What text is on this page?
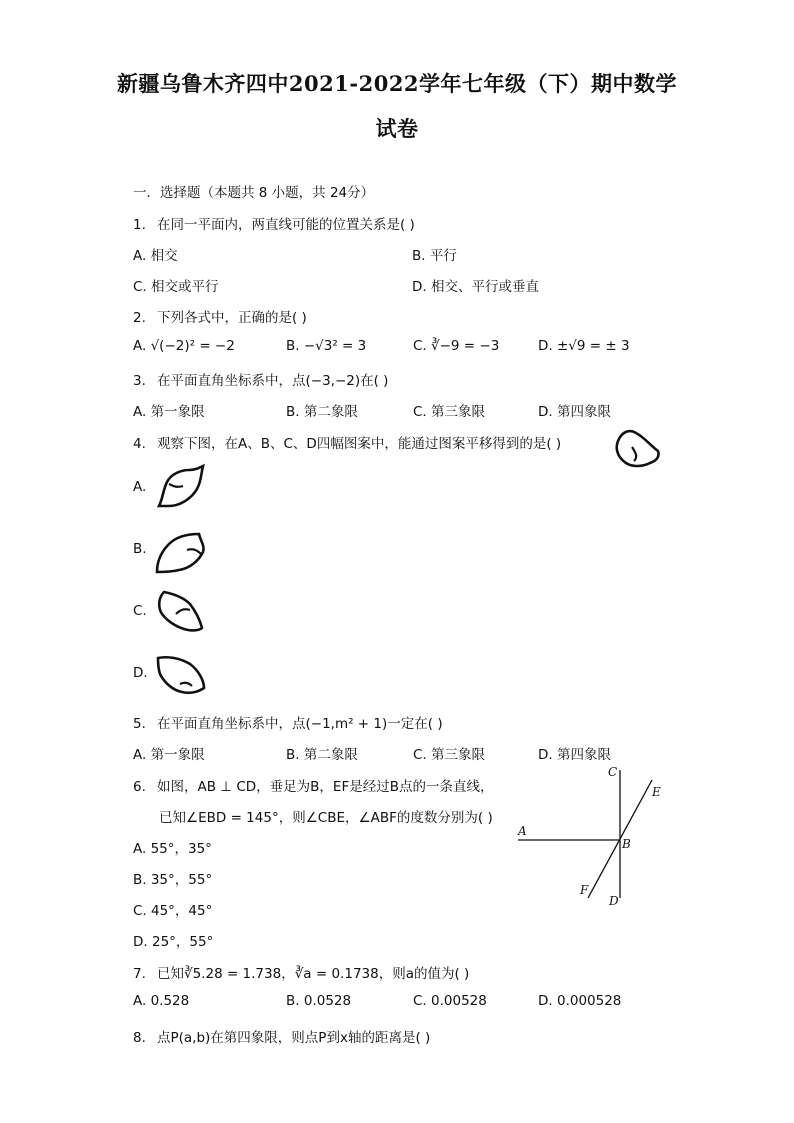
新疆乌鲁木齐四中2021-2022学年七年级（下）期中数学
试卷
一．选择题（本题共 8 小题，共 24分）
1. 在同一平面内，两直线可能的位置关系是( )
A. 相交	B. 平行
C. 相交或平行	D. 相交、平行或垂直
2. 下列各式中，正确的是( )
A. √(−2)² = −2	B. −√3² = 3	C. ∛−9 = −3	D. ±√9 = ± 3
3. 在平面直角坐标系中，点(−3,−2)在( )
A. 第一象限	B. 第二象限	C. 第三象限	D. 第四象限
4. 观察下图，在A、B、C、D四幅图案中，能通过图案平移得到的是( )
A.
B.
C.
D.
5. 在平面直角坐标系中，点(−1,m² + 1)一定在( )
A. 第一象限	B. 第二象限	C. 第三象限	D. 第四象限
6. 如图，AB ⊥ CD，垂足为B，EF是经过B点的一条直线，
已知∠EBD = 145°，则∠CBE，∠ABF的度数分别为( )
A. 55°，35°
B. 35°，55°
C. 45°，45°
D. 25°，55°
C
E
A
B
F
D
7. 已知∛5.28 = 1.738，∛a = 0.1738，则a的值为( )
A. 0.528	B. 0.0528	C. 0.00528	D. 0.000528
8. 点P(a,b)在第四象限，则点P到x轴的距离是( )
